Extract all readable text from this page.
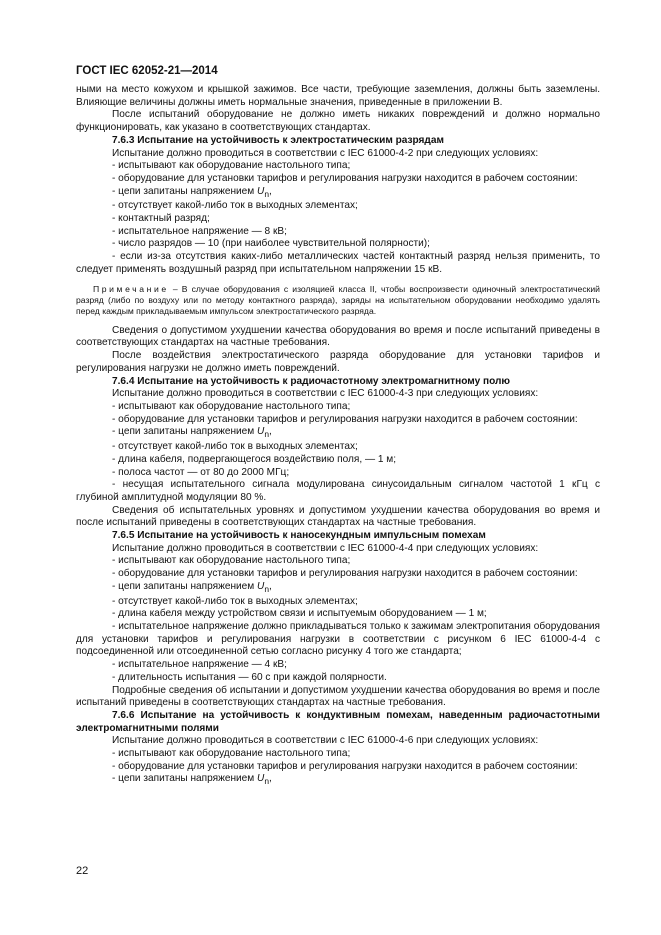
ГОСТ IEC 62052-21—2014

ными на место кожухом и крышкой зажимов. Все части, требующие заземления, должны быть заземлены. Влияющие величины должны иметь нормальные значения, приведенные в приложении В.

После испытаний оборудование не должно иметь никаких повреждений и должно нормально функционировать, как указано в соответствующих стандартах.

7.6.3 Испытание на устойчивость к электростатическим разрядам

Испытание должно проводиться в соответствии с IEC 61000-4-2 при следующих условиях:

- испытывают как оборудование настольного типа;

- оборудование для установки тарифов и регулирования нагрузки находится в рабочем состоянии:

- цепи запитаны напряжением $U_n$,

- отсутствует какой-либо ток в выходных элементах;

- контактный разряд;

- испытательное напряжение — 8 кВ;

- число разрядов — 10 (при наиболее чувствительной полярности);

- если из-за отсутствия каких-либо металлических частей контактный разряд нельзя применить, то следует применять воздушный разряд при испытательном напряжении 15 кВ.

Примечание – В случае оборудования с изоляцией класса II, чтобы воспроизвести одиночный электростатический разряд (либо по воздуху или по методу контактного разряда), заряды на испытательном оборудовании необходимо удалять перед каждым прикладываемым импульсом электростатического разряда.

Сведения о допустимом ухудшении качества оборудования во время и после испытаний приведены в соответствующих стандартах на частные требования.

После воздействия электростатического разряда оборудование для установки тарифов и регулирования нагрузки не должно иметь повреждений.

7.6.4 Испытание на устойчивость к радиочастотному электромагнитному полю

Испытание должно проводиться в соответствии с IEC 61000-4-3 при следующих условиях:

- испытывают как оборудование настольного типа;

- оборудование для установки тарифов и регулирования нагрузки находится в рабочем состоянии:

- цепи запитаны напряжением $U_n$,

- отсутствует какой-либо ток в выходных элементах;

- длина кабеля, подвергающегося воздействию поля, — 1 м;

- полоса частот — от 80 до 2000 МГц;

- несущая испытательного сигнала модулирована синусоидальным сигналом частотой 1 кГц с глубиной амплитудной модуляции 80 %.

Сведения об испытательных уровнях и допустимом ухудшении качества оборудования во время и после испытаний приведены в соответствующих стандартах на частные требования.

7.6.5 Испытание на устойчивость к наносекундным импульсным помехам

Испытание должно проводиться в соответствии с IEC 61000-4-4 при следующих условиях:

- испытывают как оборудование настольного типа;

- оборудование для установки тарифов и регулирования нагрузки находится в рабочем состоянии:

- цепи запитаны напряжением $U_n$,

- отсутствует какой-либо ток в выходных элементах;

- длина кабеля между устройством связи и испытуемым оборудованием — 1 м;

- испытательное напряжение должно прикладываться только к зажимам электропитания оборудования для установки тарифов и регулирования нагрузки в соответствии с рисунком 6 IEC 61000-4-4 с подсоединенной или отсоединенной сетью согласно рисунку 4 того же стандарта;

- испытательное напряжение — 4 кВ;

- длительность испытания — 60 с при каждой полярности.

Подробные сведения об испытании и допустимом ухудшении качества оборудования во время и после испытаний приведены в соответствующих стандартах на частные требования.

7.6.6 Испытание на устойчивость к кондуктивным помехам, наведенным радиочастотными электромагнитными полями

Испытание должно проводиться в соответствии с IEC 61000-4-6 при следующих условиях:

- испытывают как оборудование настольного типа;

- оборудование для установки тарифов и регулирования нагрузки находится в рабочем состоянии:

- цепи запитаны напряжением $U_n$,

22
